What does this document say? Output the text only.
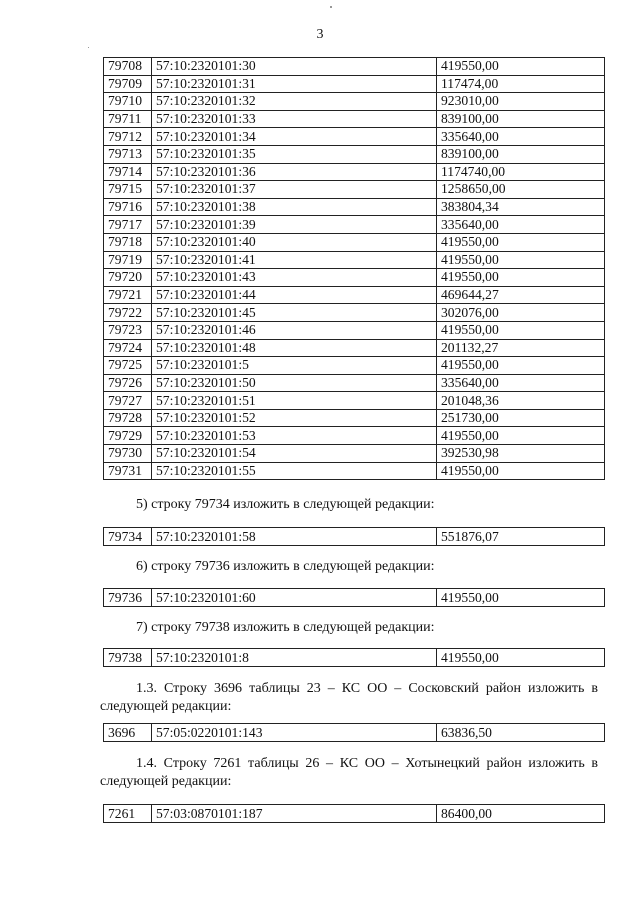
3
79708	57:10:2320101:30	419550,00
79709	57:10:2320101:31	117474,00
79710	57:10:2320101:32	923010,00
79711	57:10:2320101:33	839100,00
79712	57:10:2320101:34	335640,00
79713	57:10:2320101:35	839100,00
79714	57:10:2320101:36	1174740,00
79715	57:10:2320101:37	1258650,00
79716	57:10:2320101:38	383804,34
79717	57:10:2320101:39	335640,00
79718	57:10:2320101:40	419550,00
79719	57:10:2320101:41	419550,00
79720	57:10:2320101:43	419550,00
79721	57:10:2320101:44	469644,27
79722	57:10:2320101:45	302076,00
79723	57:10:2320101:46	419550,00
79724	57:10:2320101:48	201132,27
79725	57:10:2320101:5	419550,00
79726	57:10:2320101:50	335640,00
79727	57:10:2320101:51	201048,36
79728	57:10:2320101:52	251730,00
79729	57:10:2320101:53	419550,00
79730	57:10:2320101:54	392530,98
79731	57:10:2320101:55	419550,00
5) строку 79734 изложить в следующей редакции:
79734	57:10:2320101:58	551876,07
6) строку 79736 изложить в следующей редакции:
79736	57:10:2320101:60	419550,00
7) строку 79738 изложить в следующей редакции:
79738	57:10:2320101:8	419550,00
1.3. Строку 3696 таблицы 23 – КС ОО – Сосковский район изложить в следующей редакции:
3696	57:05:0220101:143	63836,50
1.4. Строку 7261 таблицы 26 – КС ОО – Хотынецкий район изложить в следующей редакции:
7261	57:03:0870101:187	86400,00
